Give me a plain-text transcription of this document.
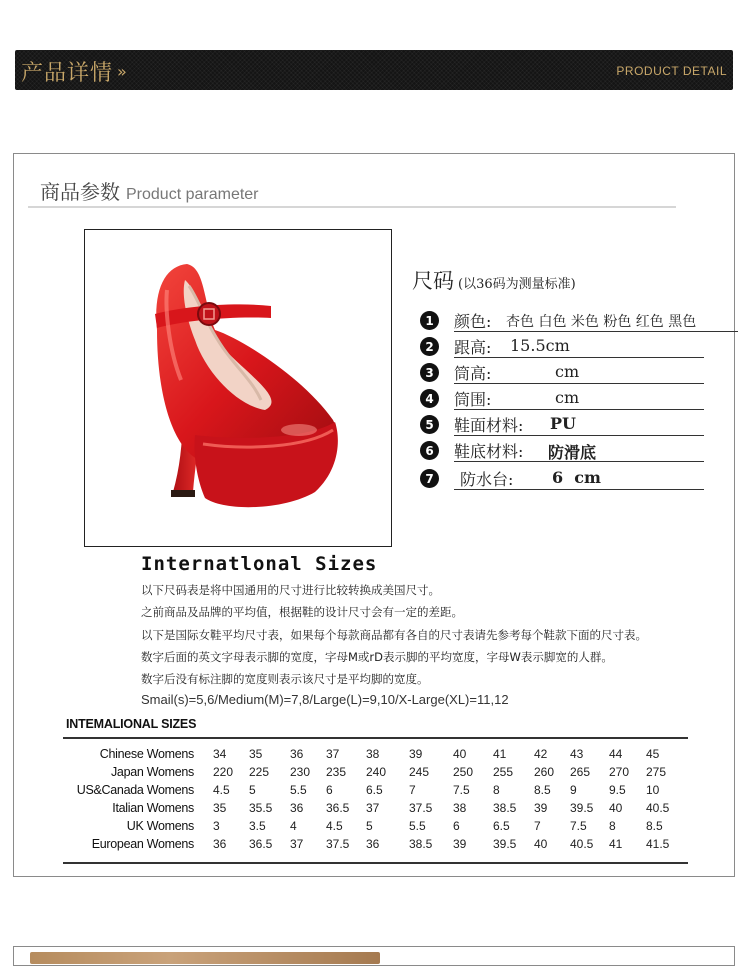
产品详情 »	PRODUCT DETAIL
商品参数 Product parameter
尺码 (以36码为测量标准)
1	颜色: 杏色 白色 米色 粉色 红色 黑色
2	跟高: 15.5cm
3	筒高:	cm
4	筒围:	cm
5	鞋面材料: PU
6	鞋底材料: 防滑底
7	防水台: 6  cm
Internatlonal Sizes
以下尺码表是将中国通用的尺寸进行比较转换成美国尺寸。
之前商品及品牌的平均值，根据鞋的设计尺寸会有一定的差距。
以下是国际女鞋平均尺寸表，如果每个每款商品都有各自的尺寸表请先参考每个鞋款下面的尺寸表。
数字后面的英文字母表示脚的宽度，字母M或rD表示脚的平均宽度，字母W表示脚宽的人群。
数字后没有标注脚的宽度则表示该尺寸是平均脚的宽度。
Smail(s)=5,6/Medium(M)=7,8/Large(L)=9,10/X-Large(XL)=11,12
INTEMALIONAL SIZES
Chinese Womens 34 35 36 37 38 39	40 41 42 43 44 45
Japan Womens 220 225 230 235 240 245 250 255 260 265 270 275
US&Canada Womens 4.5 5	5.5 6	6.5 7	7.5 8	8.5 9	9.5 10
Italian Womens 35 35.5 36 36.5 37 37.5 38 38.5 39 39.5 40 40.5
UK Womens 3 3.5 4 4.5 5	5.5 6	6.5 7 7.5 8	8.5
European Womens 36 36.5 37 37.5 36 38.5 39 39.5 40 40.5 41 41.5
